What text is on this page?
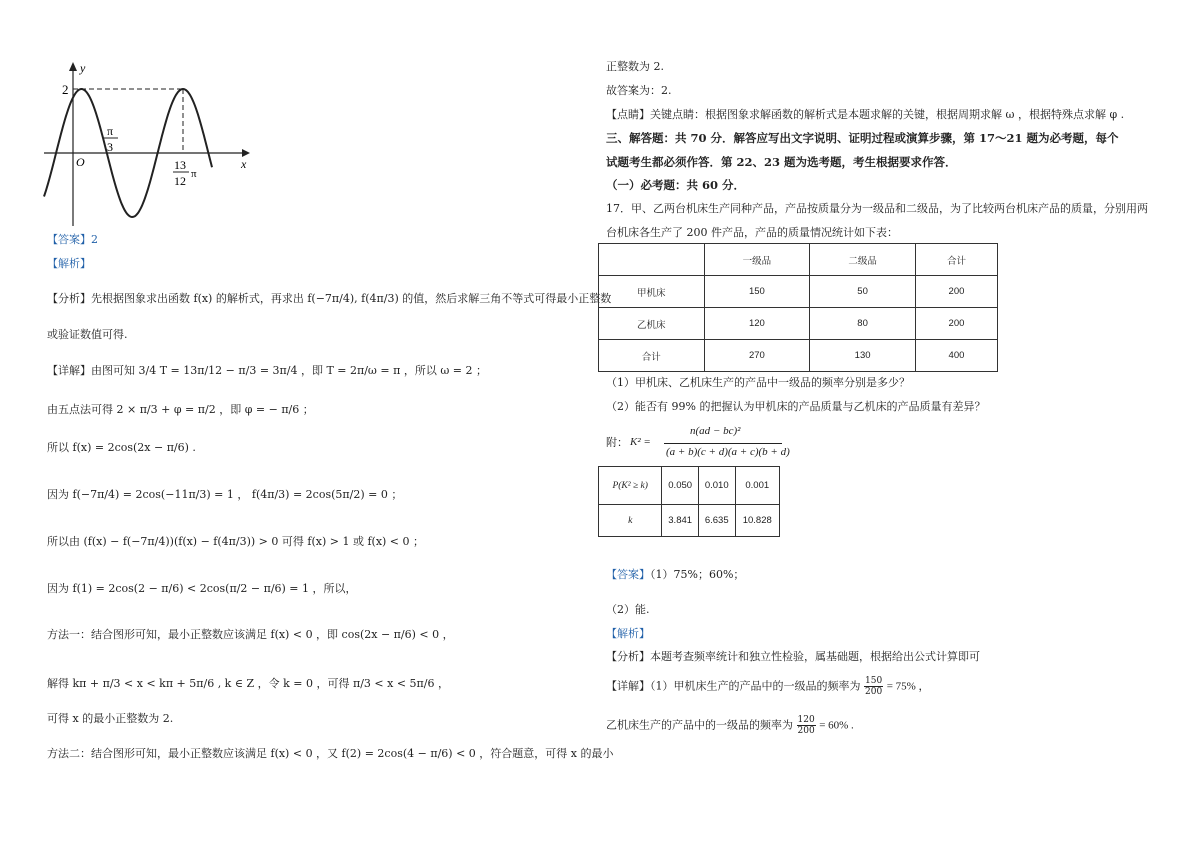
y
x
O
2
π
3
13
12 π
【答案】2
【解析】
【分析】先根据图象求出函数 f(x) 的解析式，再求出 f(−7π/4), f(4π/3) 的值，然后求解三角不等式可得最小正整数
或验证数值可得.
【详解】由图可知 3/4 T = 13π/12 − π/3 = 3π/4 ，即 T = 2π/ω = π ，所以 ω = 2 ；
由五点法可得 2 × π/3 + φ = π/2 ，即 φ = − π/6 ；
所以 f(x) = 2cos(2x − π/6) .
因为 f(−7π/4) = 2cos(−11π/3) = 1 ， f(4π/3) = 2cos(5π/2) = 0 ；
所以由 (f(x) − f(−7π/4))(f(x) − f(4π/3)) > 0 可得 f(x) > 1 或 f(x) < 0 ；
因为 f(1) = 2cos(2 − π/6) < 2cos(π/2 − π/6) = 1 ，所以，
方法一：结合图形可知，最小正整数应该满足 f(x) < 0 ，即 cos(2x − π/6) < 0 ，
解得 kπ + π/3 < x < kπ + 5π/6 , k ∈ Z ，令 k = 0 ，可得 π/3 < x < 5π/6 ，
可得 x 的最小正整数为 2.
方法二：结合图形可知，最小正整数应该满足 f(x) < 0 ，又 f(2) = 2cos(4 − π/6) < 0 ，符合题意，可得 x 的最小
正整数为 2.
故答案为：2.
【点睛】关键点睛：根据图象求解函数的解析式是本题求解的关键，根据周期求解 ω ，根据特殊点求解 φ .
三、解答题：共 70 分．解答应写出文字说明、证明过程或演算步骤，第 17～21 题为必考题，每个
试题考生都必须作答．第 22、23 题为选考题，考生根据要求作答．
（一）必考题：共 60 分．
17．甲、乙两台机床生产同种产品，产品按质量分为一级品和二级品，为了比较两台机床产品的质量，分别用两
台机床各生产了 200 件产品，产品的质量情况统计如下表：
	一级品	二级品	合计
甲机床	150	50	200
乙机床	120	80	200
合计	270	130	400
（1）甲机床、乙机床生产的产品中一级品的频率分别是多少？
（2）能否有 99% 的把握认为甲机床的产品质量与乙机床的产品质量有差异？
附： K² =
n(ad − bc)²
(a + b)(c + d)(a + c)(b + d)
P(K² ≥ k)	0.050	0.010	0.001
k	3.841	6.635	10.828
【答案】（1）75%；60%；
（2）能.
【解析】
【分析】本题考查频率统计和独立性检验，属基础题，根据给出公式计算即可
【详解】（1）甲机床生产的产品中的一级品的频率为 $\frac{150}{200} = 75\%$ ，
乙机床生产的产品中的一级品的频率为 $\frac{120}{200} = 60\%$ .
